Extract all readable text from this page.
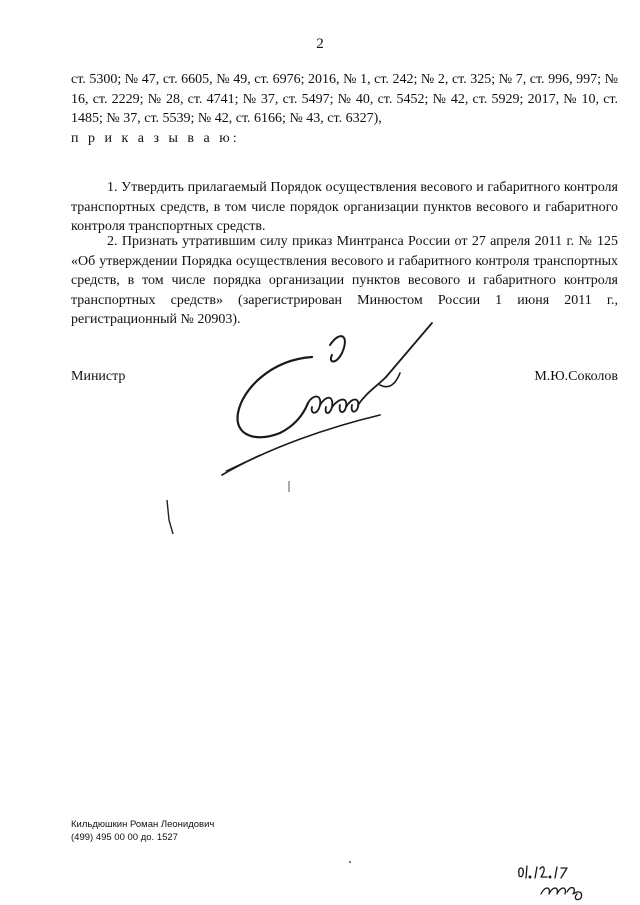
2

ст. 5300; № 47, ст. 6605, № 49, ст. 6976; 2016, № 1, ст. 242; № 2, ст. 325; № 7, ст. 996, 997; № 16, ст. 2229; № 28, ст. 4741; № 37, ст. 5497; № 40, ст. 5452; № 42, ст. 5929; 2017, № 10, ст. 1485; № 37, ст. 5539; № 42, ст. 6166; № 43, ст. 6327),
п р и к а з ы в а ю:

1. Утвердить прилагаемый Порядок осуществления весового и габаритного контроля транспортных средств, в том числе порядок организации пунктов весового и габаритного контроля транспортных средств.

2. Признать утратившим силу приказ Минтранса России от 27 апреля 2011 г. № 125 «Об утверждении Порядка осуществления весового и габаритного контроля транспортных средств, в том числе порядка организации пунктов весового и габаритного контроля транспортных средств» (зарегистрирован Минюстом России 1 июня 2011 г., регистрационный № 20903).

Министр	М.Ю.Соколов
Кильдюшкин Роман Леонидович
(499) 495 00 00 до. 1527
